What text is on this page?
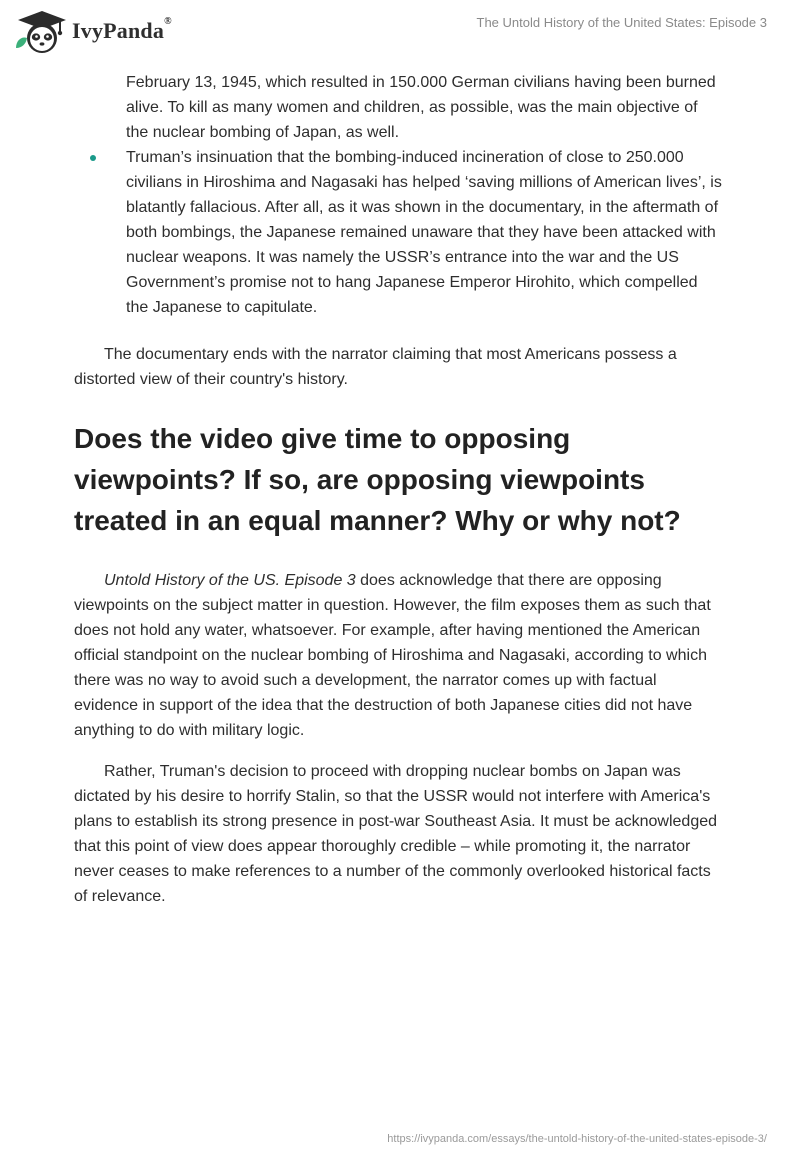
IvyPanda®	The Untold History of the United States: Episode 3
February 13, 1945, which resulted in 150.000 German civilians having been burned alive. To kill as many women and children, as possible, was the main objective of the nuclear bombing of Japan, as well.
Truman’s insinuation that the bombing-induced incineration of close to 250.000 civilians in Hiroshima and Nagasaki has helped ‘saving millions of American lives’, is blatantly fallacious. After all, as it was shown in the documentary, in the aftermath of both bombings, the Japanese remained unaware that they have been attacked with nuclear weapons. It was namely the USSR’s entrance into the war and the US Government’s promise not to hang Japanese Emperor Hirohito, which compelled the Japanese to capitulate.

The documentary ends with the narrator claiming that most Americans possess a distorted view of their country's history.

Does the video give time to opposing viewpoints? If so, are opposing viewpoints treated in an equal manner? Why or why not?

Untold History of the US. Episode 3 does acknowledge that there are opposing viewpoints on the subject matter in question. However, the film exposes them as such that does not hold any water, whatsoever. For example, after having mentioned the American official standpoint on the nuclear bombing of Hiroshima and Nagasaki, according to which there was no way to avoid such a development, the narrator comes up with factual evidence in support of the idea that the destruction of both Japanese cities did not have anything to do with military logic.

Rather, Truman's decision to proceed with dropping nuclear bombs on Japan was dictated by his desire to horrify Stalin, so that the USSR would not interfere with America's plans to establish its strong presence in post-war Southeast Asia. It must be acknowledged that this point of view does appear thoroughly credible – while promoting it, the narrator never ceases to make references to a number of the commonly overlooked historical facts of relevance.

https://ivypanda.com/essays/the-untold-history-of-the-united-states-episode-3/
